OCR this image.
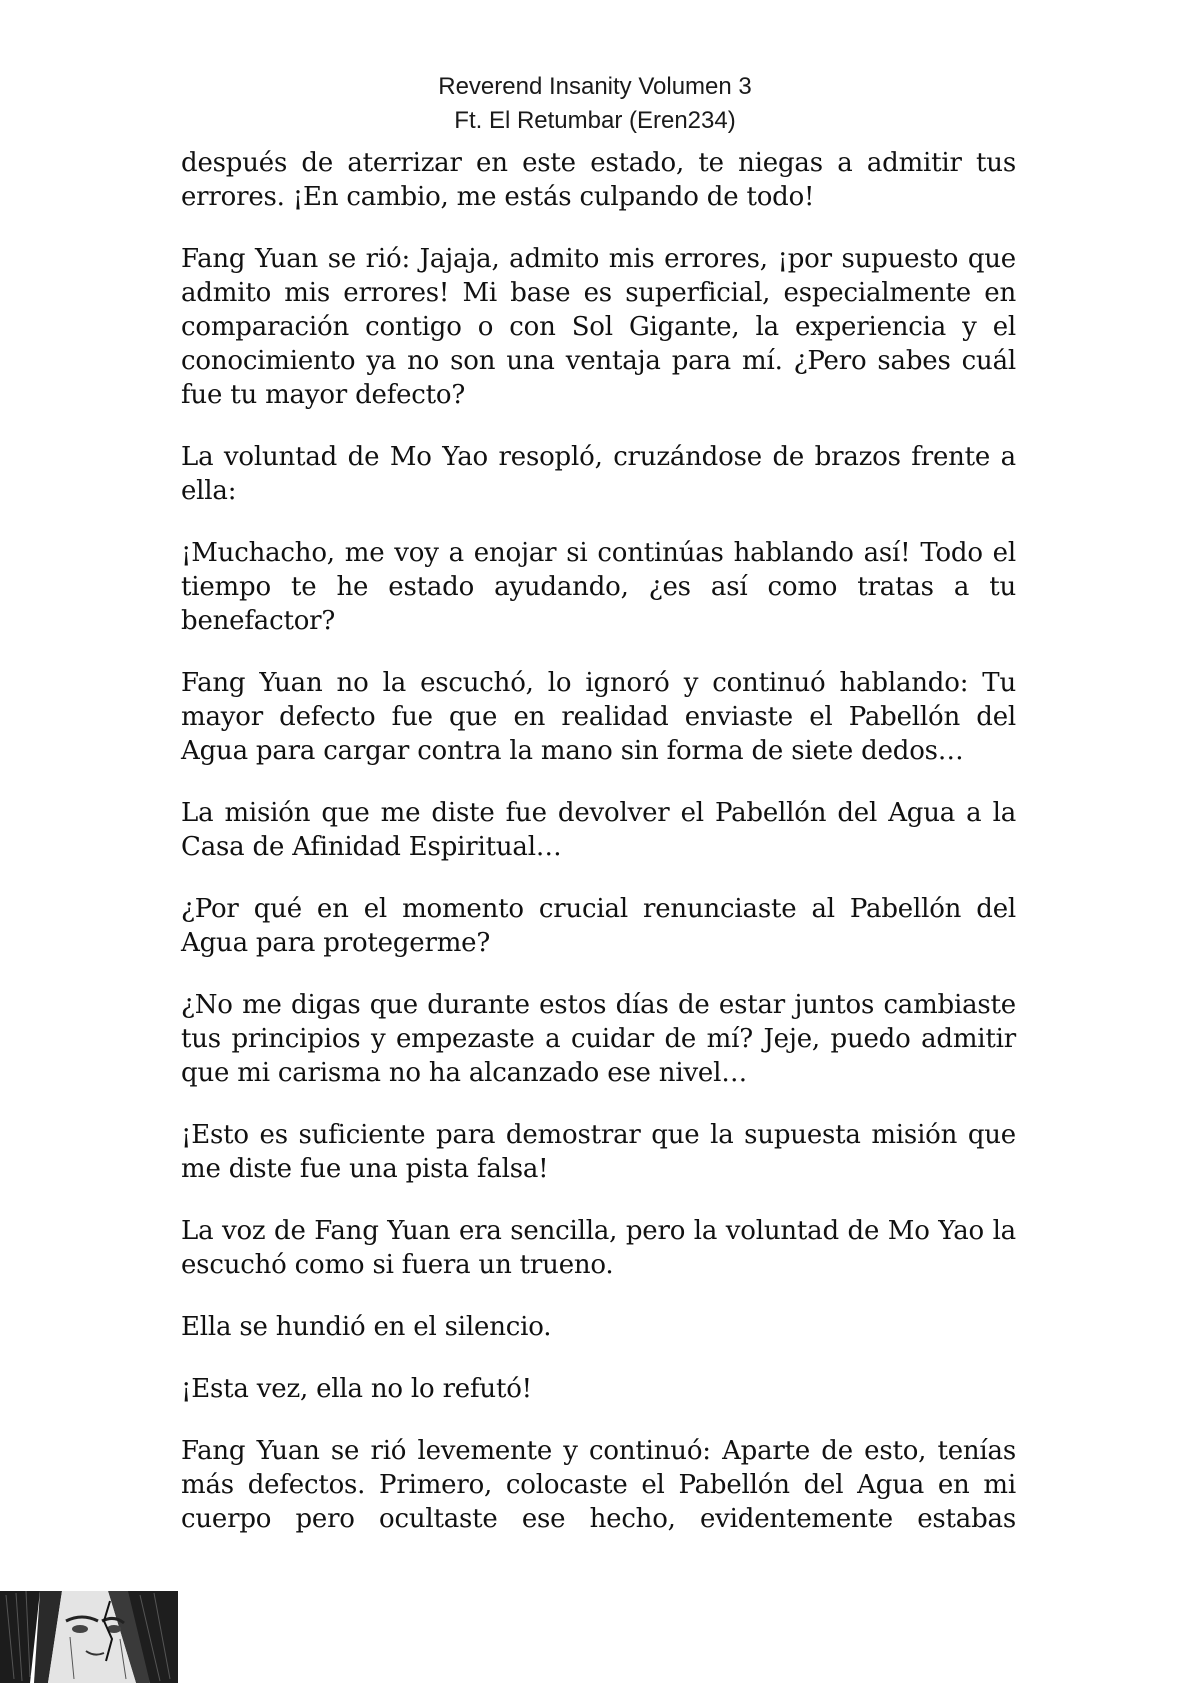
Reverend Insanity Volumen 3
Ft. El Retumbar (Eren234)

después de aterrizar en este estado, te niegas a admitir tus errores. ¡En cambio, me estás culpando de todo!

Fang Yuan se rió: Jajaja, admito mis errores, ¡por supuesto que admito mis errores! Mi base es superficial, especialmente en comparación contigo o con Sol Gigante, la experiencia y el conocimiento ya no son una ventaja para mí. ¿Pero sabes cuál fue tu mayor defecto?

La voluntad de Mo Yao resopló, cruzándose de brazos frente a ella:

¡Muchacho, me voy a enojar si continúas hablando así! Todo el tiempo te he estado ayudando, ¿es así como tratas a tu benefactor?

Fang Yuan no la escuchó, lo ignoró y continuó hablando: Tu mayor defecto fue que en realidad enviaste el Pabellón del Agua para cargar contra la mano sin forma de siete dedos…

La misión que me diste fue devolver el Pabellón del Agua a la Casa de Afinidad Espiritual…

¿Por qué en el momento crucial renunciaste al Pabellón del Agua para protegerme?

¿No me digas que durante estos días de estar juntos cambiaste tus principios y empezaste a cuidar de mí? Jeje, puedo admitir que mi carisma no ha alcanzado ese nivel…

¡Esto es suficiente para demostrar que la supuesta misión que me diste fue una pista falsa!

La voz de Fang Yuan era sencilla, pero la voluntad de Mo Yao la escuchó como si fuera un trueno.

Ella se hundió en el silencio.

¡Esta vez, ella no lo refutó!

Fang Yuan se rió levemente y continuó: Aparte de esto, tenías más defectos. Primero, colocaste el Pabellón del Agua en mi cuerpo pero ocultaste ese hecho, evidentemente estabas
